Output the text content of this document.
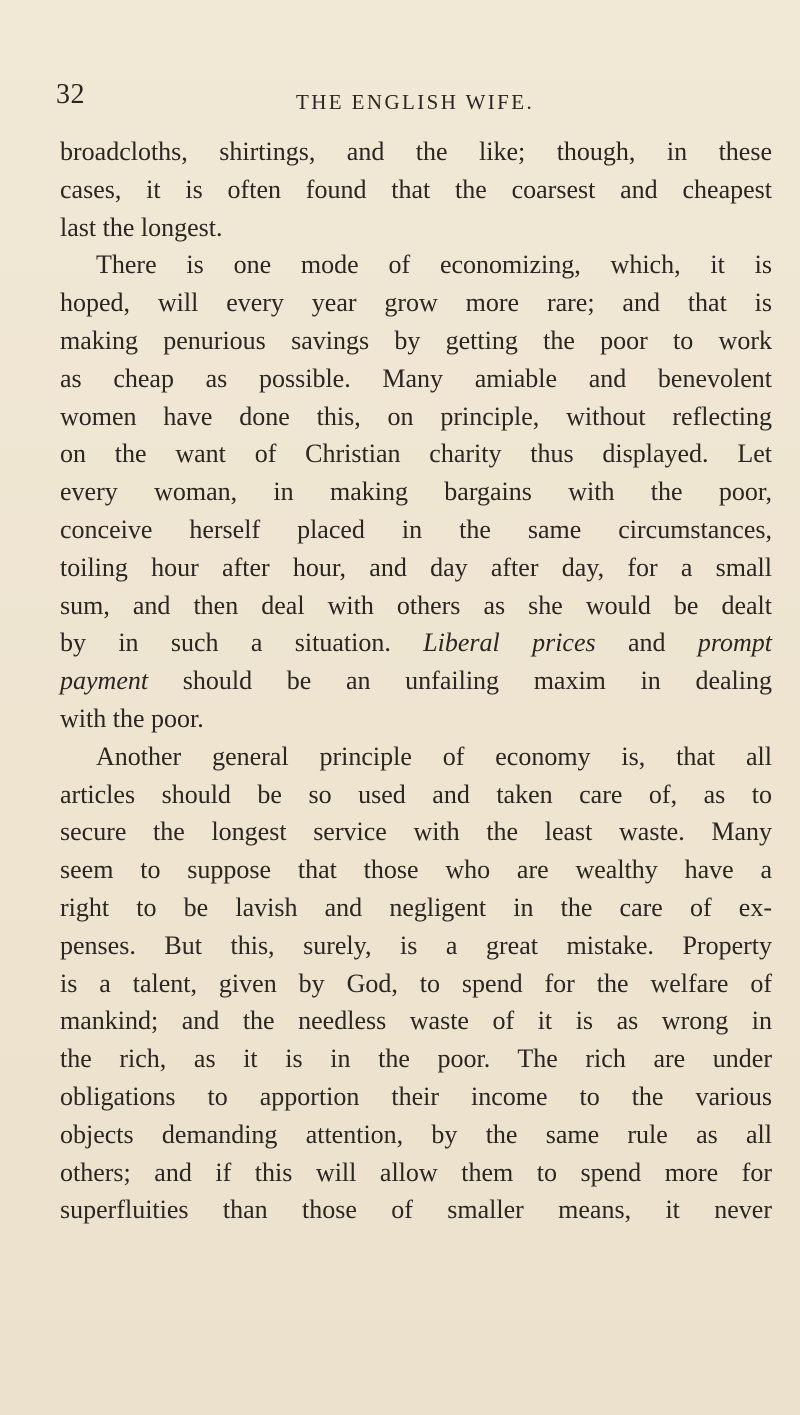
32	THE ENGLISH WIFE.
broadcloths, shirtings, and the like; though, in these
cases, it is often found that the coarsest and cheapest
last the longest.
There is one mode of economizing, which, it is
hoped, will every year grow more rare; and that is
making penurious savings by getting the poor to work
as cheap as possible. Many amiable and benevolent
women have done this, on principle, without reflecting
on the want of Christian charity thus displayed. Let
every woman, in making bargains with the poor,
conceive herself placed in the same circumstances,
toiling hour after hour, and day after day, for a small
sum, and then deal with others as she would be dealt
by in such a situation. Liberal prices and prompt
payment should be an unfailing maxim in dealing
with the poor.
Another general principle of economy is, that all
articles should be so used and taken care of, as to
secure the longest service with the least waste. Many
seem to suppose that those who are wealthy have a
right to be lavish and negligent in the care of ex-
penses. But this, surely, is a great mistake. Property
is a talent, given by God, to spend for the welfare of
mankind; and the needless waste of it is as wrong in
the rich, as it is in the poor. The rich are under
obligations to apportion their income to the various
objects demanding attention, by the same rule as all
others; and if this will allow them to spend more for
superfluities than those of smaller means, it never
